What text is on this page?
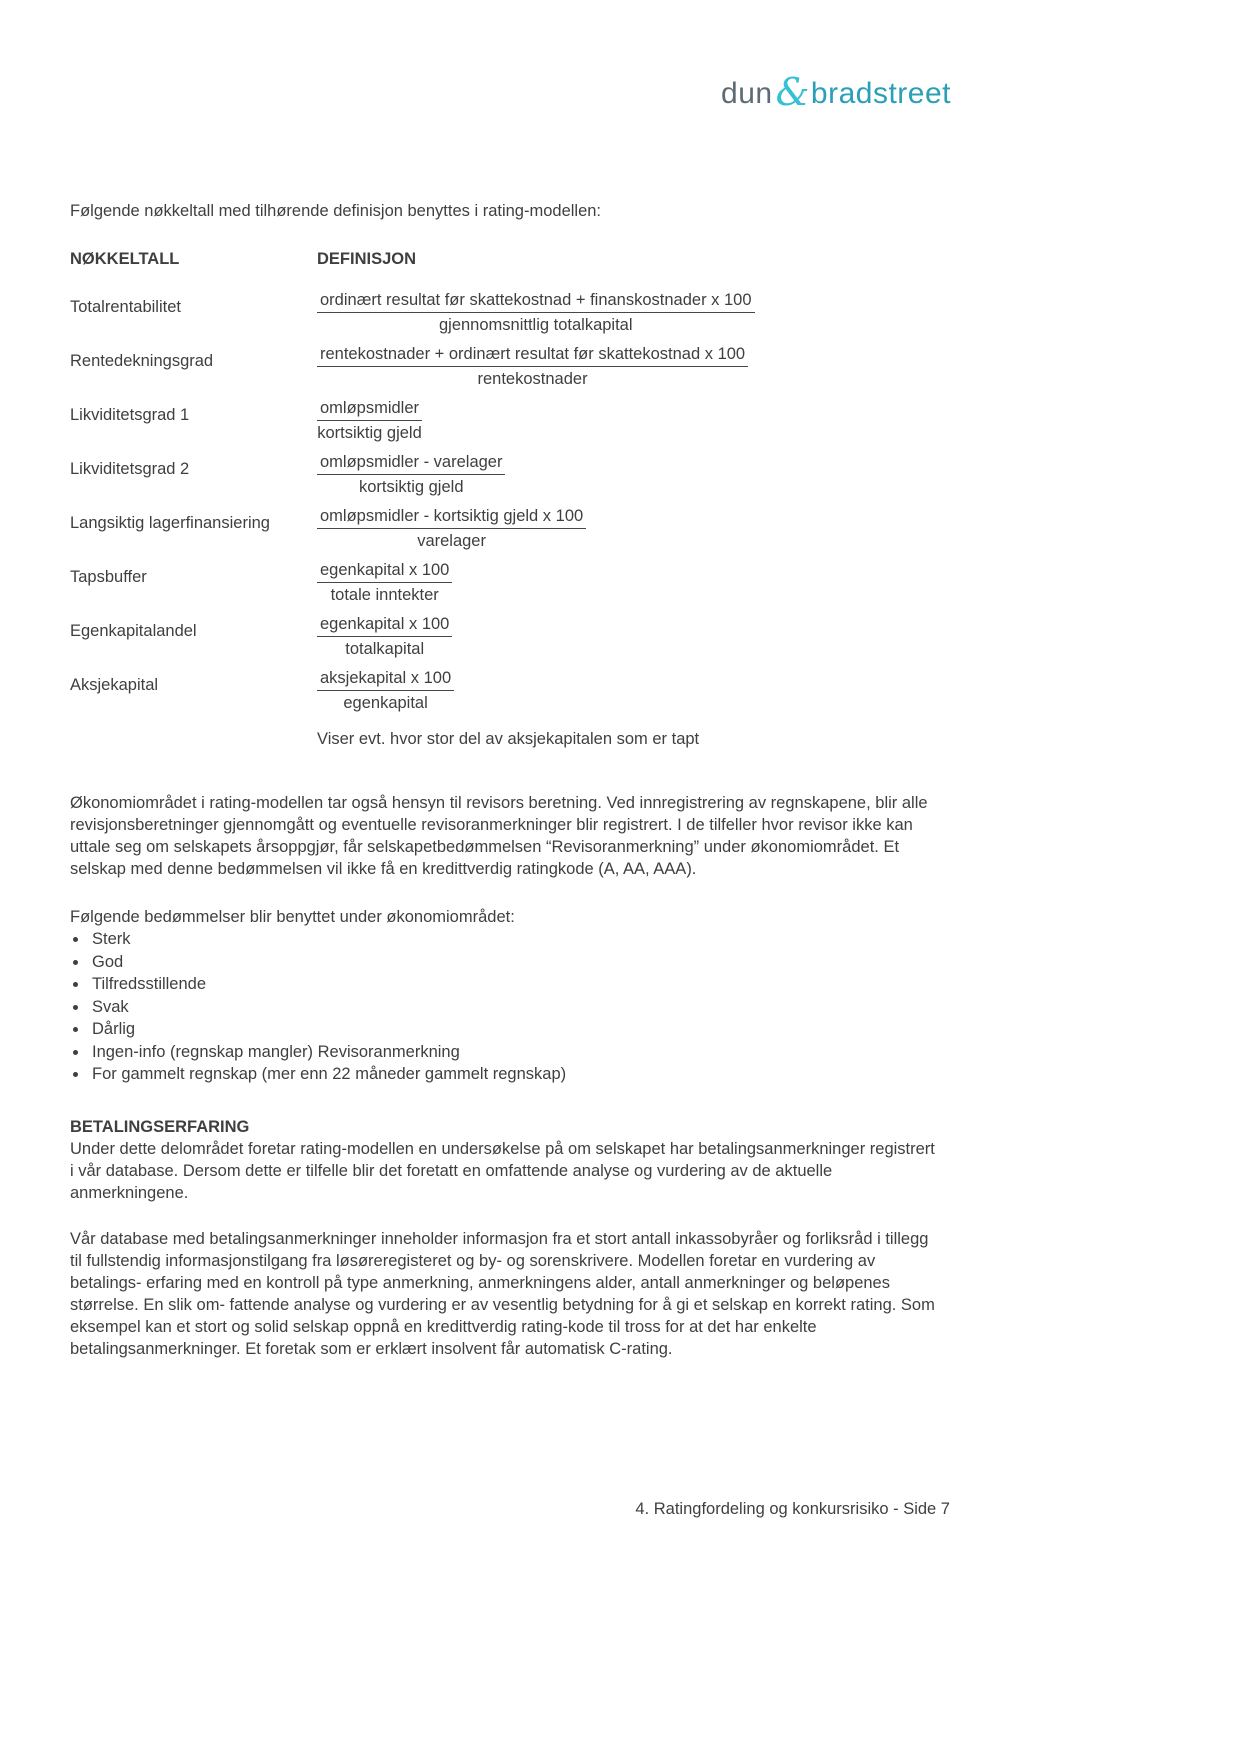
dun&bradstreet

Følgende nøkkeltall med tilhørende definisjon benyttes i rating-modellen:

NØKKELTALL	DEFINISJON
Totalrentabilitet	$\frac{\text{ordinært resultat før skattekostnad + finanskostnader x 100}}{\text{gjennomsnittlig totalkapital}}$
Rentedekningsgrad	$\frac{\text{rentekostnader + ordinært resultat før skattekostnad x 100}}{\text{rentekostnader}}$
Likviditetsgrad 1	$\frac{\text{omløpsmidler}}{\text{kortsiktig gjeld}}$
Likviditetsgrad 2	$\frac{\text{omløpsmidler - varelager}}{\text{kortsiktig gjeld}}$
Langsiktig lagerfinansiering	$\frac{\text{omløpsmidler - kortsiktig gjeld x 100}}{\text{varelager}}$
Tapsbuffer	$\frac{\text{egenkapital x 100}}{\text{totale inntekter}}$
Egenkapitalandel	$\frac{\text{egenkapital x 100}}{\text{totalkapital}}$
Aksjekapital	$\frac{\text{aksjekapital x 100}}{\text{egenkapital}}$
Viser evt. hvor stor del av aksjekapitalen som er tapt

Økonomiområdet i rating-modellen tar også hensyn til revisors beretning. Ved innregistrering av regnskapene, blir alle revisjonsberetninger gjennomgått og eventuelle revisoranmerkninger blir registrert. I de tilfeller hvor revisor ikke kan uttale seg om selskapets årsoppgjør, får selskapetbedømmelsen “Revisoranmerkning” under økonomiområdet. Et selskap med denne bedømmelsen vil ikke få en kredittverdig ratingkode (A, AA, AAA).

Følgende bedømmelser blir benyttet under økonomiområdet:

• Sterk
• God
• Tilfredsstillende
• Svak
• Dårlig
• Ingen-info (regnskap mangler) Revisoranmerkning
• For gammelt regnskap (mer enn 22 måneder gammelt regnskap)
BETALINGSERFARING

Under dette delområdet foretar rating-modellen en undersøkelse på om selskapet har betalingsanmerkninger registrert i vår database. Dersom dette er tilfelle blir det foretatt en omfattende analyse og vurdering av de aktuelle anmerkningene.

Vår database med betalingsanmerkninger inneholder informasjon fra et stort antall inkassobyråer og forliksråd i tillegg til fullstendig informasjonstilgang fra løsøreregisteret og by- og sorenskrivere. Modellen foretar en vurdering av betalings- erfaring med en kontroll på type anmerkning, anmerkningens alder, antall anmerkninger og beløpenes størrelse. En slik om- fattende analyse og vurdering er av vesentlig betydning for å gi et selskap en korrekt rating. Som eksempel kan et stort og solid selskap oppnå en kredittverdig rating-kode til tross for at det har enkelte betalingsanmerkninger. Et foretak som er erklært insolvent får automatisk C-rating.

4. Ratingfordeling og konkursrisiko - Side 7
